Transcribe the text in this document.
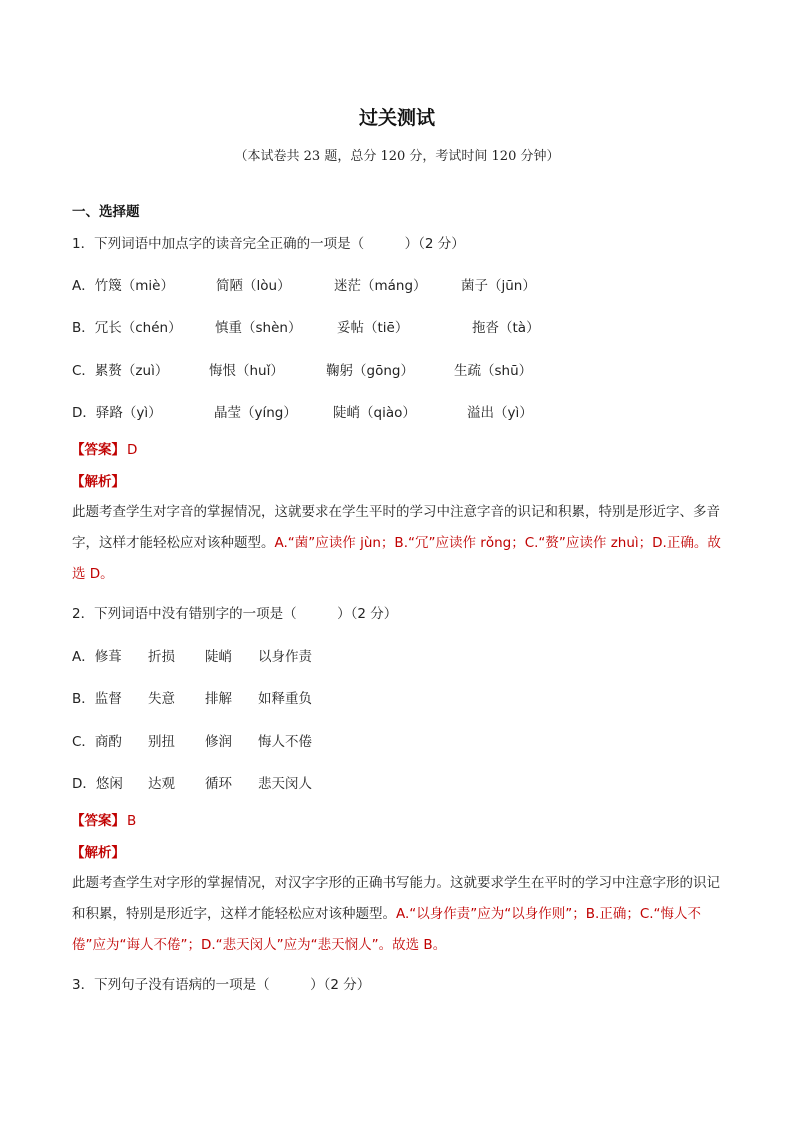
过关测试
（本试卷共 23 题，总分 120 分，考试时间 120 分钟）
一、选择题
1．下列词语中加点字的读音完全正确的一项是（　　　）（2 分）
A．竹篾（miè）	简陋（lòu）	迷茫（máng）	菌子（jūn）
B．冗长（chén） 慎重（shèn）	妥帖（tiē）	拖沓（tà）
C．累赘（zuì）	悔恨（huǐ）	鞠躬（gōng）	生疏（shū）
D．驿路（yì）	晶莹（yíng）	陡峭（qiào）	溢出（yì）
【答案】 D
【解析】
此题考查学生对字音的掌握情况，这就要求在学生平时的学习中注意字音的识记和积累，特别是形近字、多音字，这样才能轻松应对该种题型。A.“菌”应读作 jùn；B.“冗”应读作 rǒng；C.“赘”应读作 zhuì；D.正确。故选 D。
2．下列词语中没有错别字的一项是（　　　）（2 分）
A．修葺 折损 陡峭 以身作责
B．监督 失意 排解 如释重负
C．商酌 别扭 修润 悔人不倦
D．悠闲 达观 循环 悲天闵人
【答案】 B
【解析】
此题考查学生对字形的掌握情况，对汉字字形的正确书写能力。这就要求学生在平时的学习中注意字形的识记和积累，特别是形近字，这样才能轻松应对该种题型。A.“以身作责”应为“以身作则”；B.正确；C.“悔人不倦”应为“诲人不倦”；D.“悲天闵人”应为“悲天悯人”。故选 B。
3．下列句子没有语病的一项是（　　　）（2 分）
